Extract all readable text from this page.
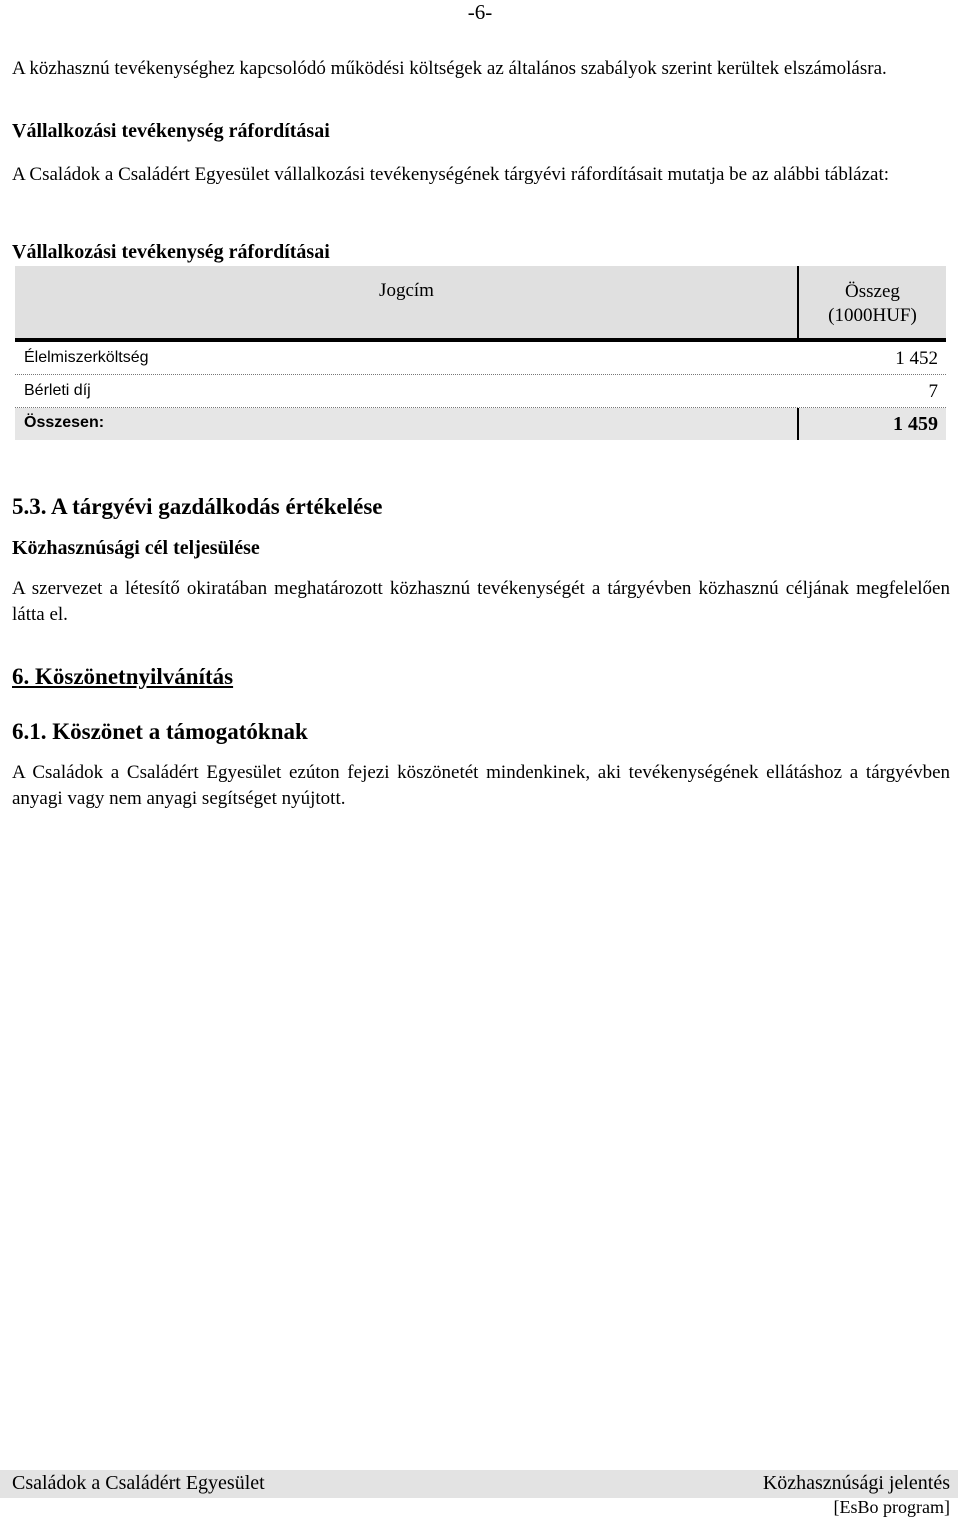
-6-
A közhasznú tevékenységhez kapcsolódó működési költségek az általános szabályok szerint kerültek elszámolásra.
Vállalkozási tevékenység ráfordításai
A Családok a Családért Egyesület vállalkozási tevékenységének tárgyévi ráfordításait mutatja be az alábbi táblázat:
Vállalkozási tevékenység ráfordításai
Jogcím	Összeg
(1000HUF)
Élelmiszerköltség	1 452
Bérleti díj	7
Összesen:	1 459
5.3. A tárgyévi gazdálkodás értékelése
Közhasznúsági cél teljesülése
A szervezet a létesítő okiratában meghatározott közhasznú tevékenységét a tárgyévben közhasznú céljának megfelelően látta el.
6. Köszönetnyilvánítás
6.1. Köszönet a támogatóknak
A Családok a Családért Egyesület ezúton fejezi köszönetét mindenkinek, aki tevékenységének ellátáshoz a tárgyévben anyagi vagy nem anyagi segítséget nyújtott.
Családok a Családért Egyesület	Közhasznúsági jelentés
[EsBo program]
